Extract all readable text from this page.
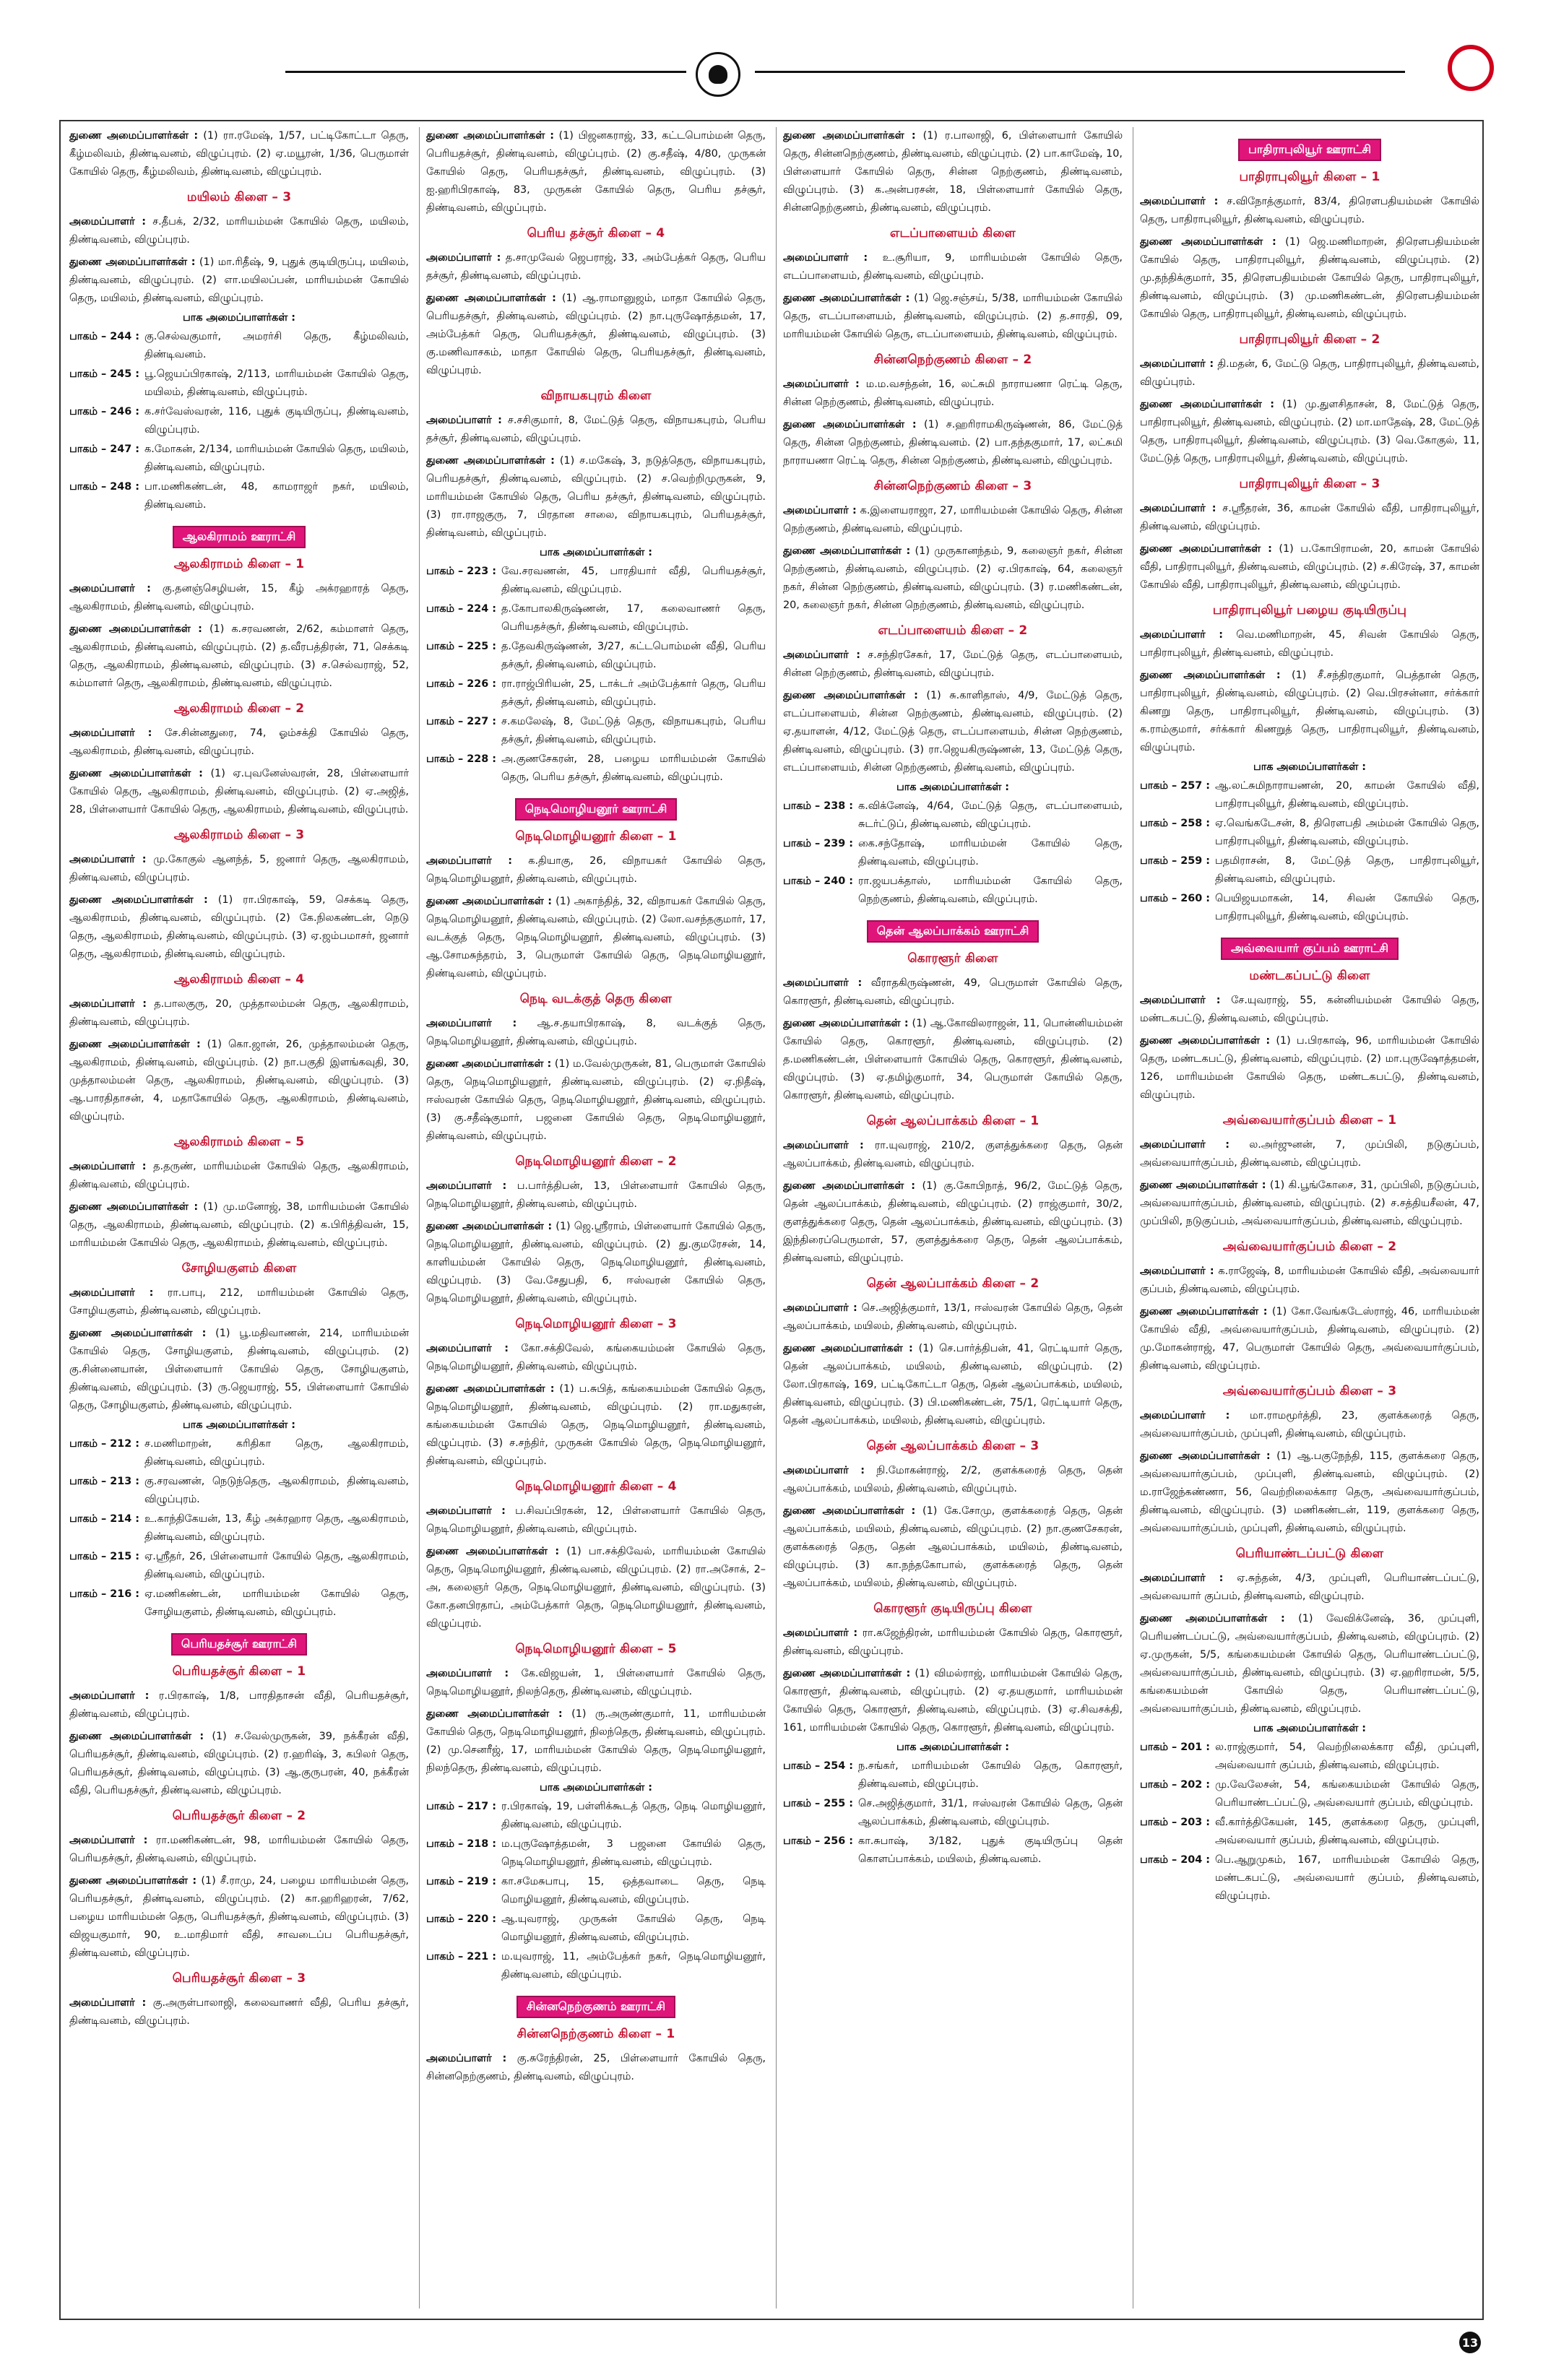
துணை அமைப்பாளர்கள் : (1) ரா.ரமேஷ், 1/57, பட்டிகோட்டா தெரு, கீழ்மலிவம், திண்டிவனம், விழுப்புரம். (2) ஏ.மயூரன், 1/36, பெருமாள் கோயில் தெரு, கீழ்மலிவம், திண்டிவனம், விழுப்புரம்.

மயிலம் கிளை – 3

அமைப்பாளர் : ச.தீபக், 2/32, மாரியம்மன் கோயில் தெரு, மயிலம், திண்டிவனம், விழுப்புரம்.

துணை அமைப்பாளர்கள் : (1) மா.ரிதீஷ், 9, புதுக் குடியிருப்பு, மயிலம், திண்டிவனம், விழுப்புரம். (2) எா.மயிலப்பன், மாரியம்மன் கோயில் தெரு, மயிலம், திண்டிவனம், விழுப்புரம்.

பாக அமைப்பாளர்கள் :
பாகம் – 244 : கு.செல்வகுமார், அமரர்சி தெரு, கீழ்மலிவம், திண்டிவனம்.
பாகம் – 245 : பூ.ஜெயப்பிரகாஷ், 2/113, மாரியம்மன் கோயில் தெரு, மயிலம், திண்டிவனம், விழுப்புரம்.
பாகம் – 246 : க.சர்வேஸ்வரன், 116, புதுக் குடியிருப்பு, திண்டிவனம், விழுப்புரம்.
பாகம் – 247 : க.மோகன், 2/134, மாரியம்மன் கோயில் தெரு, மயிலம், திண்டிவனம், விழுப்புரம்.
பாகம் – 248 : பா.மணிகண்டன், 48, காமராஜர் நகர், மயிலம், திண்டிவனம்.
ஆலகிராமம் ஊராட்சி
ஆலகிராமம் கிளை – 1

அமைப்பாளர் : கு.தனஞ்செழியன், 15, கீழ் அக்ரஹாரத் தெரு, ஆலகிராமம், திண்டிவனம், விழுப்புரம்.

துணை அமைப்பாளர்கள் : (1) க.சரவணன், 2/62, கம்மாளர் தெரு, ஆலகிராமம், திண்டிவனம், விழுப்புரம். (2) த.வீரபத்திரன், 71, செக்கடி தெரு, ஆலகிராமம், திண்டிவனம், விழுப்புரம். (3) ச.செல்வராஜ், 52, கம்மாளர் தெரு, ஆலகிராமம், திண்டிவனம், விழுப்புரம்.

ஆலகிராமம் கிளை – 2

அமைப்பாளர் : சே.சின்னதுரை, 74, ஓம்சக்தி கோயில் தெரு, ஆலகிராமம், திண்டிவனம், விழுப்புரம்.

துணை அமைப்பாளர்கள் : (1) ஏ.புவனேஸ்வரன், 28, பிள்ளையார் கோயில் தெரு, ஆலகிராமம், திண்டிவனம், விழுப்புரம். (2) ஏ.அஜித், 28, பிள்ளையார் கோயில் தெரு, ஆலகிராமம், திண்டிவனம், விழுப்புரம்.

ஆலகிராமம் கிளை – 3

அமைப்பாளர் : மு.கோகுல் ஆனந்த், 5, ஜனார் தெரு, ஆலகிராமம், திண்டிவனம், விழுப்புரம்.

துணை அமைப்பாளர்கள் : (1) ரா.பிரகாஷ், 59, செக்கடி தெரு, ஆலகிராமம், திண்டிவனம், விழுப்புரம். (2) கே.நிலகண்டன், நெடு தெரு, ஆலகிராமம், திண்டிவனம், விழுப்புரம். (3) ஏ.ஜம்பமாசர், ஜனார் தெரு, ஆலகிராமம், திண்டிவனம், விழுப்புரம்.

ஆலகிராமம் கிளை – 4

அமைப்பாளர் : த.பாலகுரு, 20, முத்தாலம்மன் தெரு, ஆலகிராமம், திண்டிவனம், விழுப்புரம்.

துணை அமைப்பாளர்கள் : (1) கொ.ஜான், 26, முத்தாலம்மன் தெரு, ஆலகிராமம், திண்டிவனம், விழுப்புரம். (2) நா.பகுதி இளங்கவுதி, 30, முத்தாலம்மன் தெரு, ஆலகிராமம், திண்டிவனம், விழுப்புரம். (3) ஆ.பாரதிதாசன், 4, மதாகோயில் தெரு, ஆலகிராமம், திண்டிவனம், விழுப்புரம்.

ஆலகிராமம் கிளை – 5

அமைப்பாளர் : த.தருண், மாரியம்மன் கோயில் தெரு, ஆலகிராமம், திண்டிவனம், விழுப்புரம்.

துணை அமைப்பாளர்கள் : (1) மு.மனோஜ், 38, மாரியம்மன் கோயில் தெரு, ஆலகிராமம், திண்டிவனம், விழுப்புரம். (2) க.பிரித்திவன், 15, மாரியம்மன் கோயில் தெரு, ஆலகிராமம், திண்டிவனம், விழுப்புரம்.

சோழியகுளம் கிளை

அமைப்பாளர் : ரா.பாபு, 212, மாரியம்மன் கோயில் தெரு, சோழியகுளம், திண்டிவனம், விழுப்புரம்.

துணை அமைப்பாளர்கள் : (1) பூ.மதிவாணன், 214, மாரியம்மன் கோயில் தெரு, சோழியகுளம், திண்டிவனம், விழுப்புரம். (2) கு.சின்னையான், பிள்ளையார் கோயில் தெரு, சோழியகுளம், திண்டிவனம், விழுப்புரம். (3) ரு.ஜெயராஜ், 55, பிள்ளையார் கோயில் தெரு, சோழியகுளம், திண்டிவனம், விழுப்புரம்.

பாக அமைப்பாளர்கள் :
பாகம் – 212 : ச.மணிமாறன், கரிதிகா தெரு, ஆலகிராமம், திண்டிவனம், விழுப்புரம்.
பாகம் – 213 : கு.சரவணன், நெடுந்தெரு, ஆலகிராமம், திண்டிவனம், விழுப்புரம்.
பாகம் – 214 : உ.காந்திகேயன், 13, கீழ் அக்ரஹார தெரு, ஆலகிராமம், திண்டிவனம், விழுப்புரம்.
பாகம் – 215 : ஏ.ஸ்ரீதர், 26, பிள்ளையார் கோயில் தெரு, ஆலகிராமம், திண்டிவனம், விழுப்புரம்.
பாகம் – 216 : ஏ.மணிகண்டன், மாரியம்மன் கோயில் தெரு, சோழியகுளம், திண்டிவனம், விழுப்புரம்.
பெரியதச்சூர் ஊராட்சி
பெரியதச்சூர் கிளை – 1

அமைப்பாளர் : ர.பிரகாஷ், 1/8, பாரதிதாசன் வீதி, பெரியதச்சூர், திண்டிவனம், விழுப்புரம்.

துணை அமைப்பாளர்கள் : (1) ச.வேல்முருகன், 39, நக்கீரன் வீதி, பெரியதச்சூர், திண்டிவனம், விழுப்புரம். (2) ர.ஹரிஷ், 3, கபிலர் தெரு, பெரியதச்சூர், திண்டிவனம், விழுப்புரம். (3) ஆ.குருபரன், 40, நக்கீரன் வீதி, பெரியதச்சூர், திண்டிவனம், விழுப்புரம்.

பெரியதச்சூர் கிளை – 2

அமைப்பாளர் : ரா.மணிகண்டன், 98, மாரியம்மன் கோயில் தெரு, பெரியதச்சூர், திண்டிவனம், விழுப்புரம்.

துணை அமைப்பாளர்கள் : (1) சீ.ராமு, 24, பழைய மாரியம்மன் தெரு, பெரியதச்சூர், திண்டிவனம், விழுப்புரம். (2) கா.ஹரிஹரன், 7/62, பழைய மாரியம்மன் தெரு, பெரியதச்சூர், திண்டிவனம், விழுப்புரம். (3) விஜயகுமார், 90, உ.மாதிமார் வீதி, சாவடைப்ப பெரியதச்சூர், திண்டிவனம், விழுப்புரம்.

பெரியதச்சூர் கிளை – 3

அமைப்பாளர் : கு.அருள்பாலாஜி, கலைவாணர் வீதி, பெரிய தச்சூர், திண்டிவனம், விழுப்புரம்.

துணை அமைப்பாளர்கள் : (1) பிஜனகராஜ், 33, கட்டபொம்மன் தெரு, பெரியதச்சூர், திண்டிவனம், விழுப்புரம். (2) கு.சதீஷ், 4/80, முருகன் கோயில் தெரு, பெரியதச்சூர், திண்டிவனம், விழுப்புரம். (3) ஐ.ஹரிபிரகாஷ், 83, முருகன் கோயில் தெரு, பெரிய தச்சூர், திண்டிவனம், விழுப்புரம்.

பெரிய தச்சூர் கிளை – 4

அமைப்பாளர் : த.சாமுவேல் ஜெபராஜ், 33, அம்பேத்கர் தெரு, பெரிய தச்சூர், திண்டிவனம், விழுப்புரம்.

துணை அமைப்பாளர்கள் : (1) ஆ.ராமானுஜம், மாதா கோயில் தெரு, பெரியதச்சூர், திண்டிவனம், விழுப்புரம். (2) நா.புருஷோத்தமன், 17, அம்பேத்கர் தெரு, பெரியதச்சூர், திண்டிவனம், விழுப்புரம். (3) கு.மணிவாசகம், மாதா கோயில் தெரு, பெரியதச்சூர், திண்டிவனம், விழுப்புரம்.

விநாயகபுரம் கிளை

அமைப்பாளர் : ச.சசிகுமார், 8, மேட்டுத் தெரு, விநாயகபுரம், பெரிய தச்சூர், திண்டிவனம், விழுப்புரம்.

துணை அமைப்பாளர்கள் : (1) ச.மகேஷ், 3, நடுத்தெரு, விநாயகபுரம், பெரியதச்சூர், திண்டிவனம், விழுப்புரம். (2) ச.வெற்றிமுருகன், 9, மாரியம்மன் கோயில் தெரு, பெரிய தச்சூர், திண்டிவனம், விழுப்புரம். (3) ரா.ராஜகுரு, 7, பிரதான சாலை, விநாயகபுரம், பெரியதச்சூர், திண்டிவனம், விழுப்புரம்.

பாக அமைப்பாளர்கள் :
பாகம் – 223 : வே.சரவணன், 45, பாரதியார் வீதி, பெரியதச்சூர், திண்டிவனம், விழுப்புரம்.
பாகம் – 224 : த.கோபாலகிருஷ்ணன், 17, கலைவாணர் தெரு, பெரியதச்சூர், திண்டிவனம், விழுப்புரம்.
பாகம் – 225 : த.தேவகிருஷ்ணன், 3/27, கட்டபொம்மன் வீதி, பெரிய தச்சூர், திண்டிவனம், விழுப்புரம்.
பாகம் – 226 : ரா.ராஜ்பிரியன், 25, டாக்டர் அம்பேத்கார் தெரு, பெரிய தச்சூர், திண்டிவனம், விழுப்புரம்.
பாகம் – 227 : ச.கமலேஷ், 8, மேட்டுத் தெரு, விநாயகபுரம், பெரிய தச்சூர், திண்டிவனம், விழுப்புரம்.
பாகம் – 228 : அ.குணசேகரன், 28, பழைய மாரியம்மன் கோயில் தெரு, பெரிய தச்சூர், திண்டிவனம், விழுப்புரம்.
நெடிமொழியனூர் ஊராட்சி
நெடிமொழியனூர் கிளை – 1

அமைப்பாளர் : க.தியாகு, 26, விநாயகர் கோயில் தெரு, நெடிமொழியனூர், திண்டிவனம், விழுப்புரம்.

துணை அமைப்பாளர்கள் : (1) அகாந்தித், 32, விநாயகர் கோயில் தெரு, நெடிமொழியனூர், திண்டிவனம், விழுப்புரம். (2) லோ.வசந்தகுமார், 17, வடக்குத் தெரு, நெடிமொழியனூர், திண்டிவனம், விழுப்புரம். (3) ஆ.சோமசுந்தரம், 3, பெருமாள் கோயில் தெரு, நெடிமொழியனூர், திண்டிவனம், விழுப்புரம்.

நெடி வடக்குத் தெரு கிளை

அமைப்பாளர் : ஆ.ச.தயாபிரகாஷ், 8, வடக்குத் தெரு, நெடிமொழியனூர், திண்டிவனம், விழுப்புரம்.

துணை அமைப்பாளர்கள் : (1) ம.வேல்முருகன், 81, பெருமாள் கோயில் தெரு, நெடிமொழியனூர், திண்டிவனம், விழுப்புரம். (2) ஏ.நிதீஷ், ஈஸ்வரன் கோயில் தெரு, நெடிமொழியனூர், திண்டிவனம், விழுப்புரம். (3) கு.சதீஷ்குமார், பஜனை கோயில் தெரு, நெடிமொழியனூர், திண்டிவனம், விழுப்புரம்.

நெடிமொழியனூர் கிளை – 2

அமைப்பாளர் : ப.பார்த்திபன், 13, பிள்ளையார் கோயில் தெரு, நெடிமொழியனூர், திண்டிவனம், விழுப்புரம்.

துணை அமைப்பாளர்கள் : (1) ஜெ.ஸ்ரீராம், பிள்ளையார் கோயில் தெரு, நெடிமொழியனூர், திண்டிவனம், விழுப்புரம். (2) து.குமரேசன், 14, காளியம்மன் கோயில் தெரு, நெடிமொழியனூர், திண்டிவனம், விழுப்புரம். (3) வே.சேதுபதி, 6, ஈஸ்வரன் கோயில் தெரு, நெடிமொழியனூர், திண்டிவனம், விழுப்புரம்.

நெடிமொழியனூர் கிளை – 3

அமைப்பாளர் : கோ.சக்திவேல், கங்கையம்மன் கோயில் தெரு, நெடிமொழியனூர், திண்டிவனம், விழுப்புரம்.

துணை அமைப்பாளர்கள் : (1) ப.சுபித், கங்கையம்மன் கோயில் தெரு, நெடிமொழியனூர், திண்டிவனம், விழுப்புரம். (2) ரா.மதுகரன், கங்கையம்மன் கோயில் தெரு, நெடிமொழியனூர், திண்டிவனம், விழுப்புரம். (3) ச.சந்திர், முருகன் கோயில் தெரு, நெடிமொழியனூர், திண்டிவனம், விழுப்புரம்.

நெடிமொழியனூர் கிளை – 4

அமைப்பாளர் : ப.சிவப்பிரகன், 12, பிள்ளையார் கோயில் தெரு, நெடிமொழியனூர், திண்டிவனம், விழுப்புரம்.

துணை அமைப்பாளர்கள் : (1) பா.சக்திவேல், மாரியம்மன் கோயில் தெரு, நெடிமொழியனூர், திண்டிவனம், விழுப்புரம். (2) ரா.அசோக், 2–அ, கலைஞர் தெரு, நெடிமொழியனூர், திண்டிவனம், விழுப்புரம். (3) கோ.தனபிரதாப், அம்பேத்கார் தெரு, நெடிமொழியனூர், திண்டிவனம், விழுப்புரம்.

நெடிமொழியனூர் கிளை – 5

அமைப்பாளர் : கே.விஜயன், 1, பிள்ளையார் கோயில் தெரு, நெடிமொழியனூர், நிலந்தெரு, திண்டிவனம், விழுப்புரம்.

துணை அமைப்பாளர்கள் : (1) ரு.அருண்குமார், 11, மாரியம்மன் கோயில் தெரு, நெடிமொழியனூர், நிலந்தெரு, திண்டிவனம், விழுப்புரம். (2) மு.செனரீஜ், 17, மாரியம்மன் கோயில் தெரு, நெடிமொழியனூர், நிலந்தெரு, திண்டிவனம், விழுப்புரம்.

பாக அமைப்பாளர்கள் :
பாகம் – 217 : ர.பிரகாஷ், 19, பள்ளிக்கூடத் தெரு, நெடி மொழியனூர், திண்டிவனம், விழுப்புரம்.
பாகம் – 218 : ம.புருஷோத்தமன், 3 பஜனை கோயில் தெரு, நெடிமொழியனூர், திண்டிவனம், விழுப்புரம்.
பாகம் – 219 : கா.சமேசுபாபு, 15, ஒத்தவாடை தெரு, நெடி மொழியனூர், திண்டிவனம், விழுப்புரம்.
பாகம் – 220 : ஆ.யுவராஜ், முருகன் கோயில் தெரு, நெடி மொழியனூர், திண்டிவனம், விழுப்புரம்.
பாகம் – 221 : ம.யுவராஜ், 11, அம்பேத்கர் நகர், நெடிமொழியனூர், திண்டிவனம், விழுப்புரம்.
சின்னநெற்குணம் ஊராட்சி
சின்னநெற்குணம் கிளை – 1

அமைப்பாளர் : கு.சுரேந்திரன், 25, பிள்ளையார் கோயில் தெரு, சின்னநெற்குணம், திண்டிவனம், விழுப்புரம்.

துணை அமைப்பாளர்கள் : (1) ர.பாலாஜி, 6, பிள்ளையார் கோயில் தெரு, சின்னநெற்குணம், திண்டிவனம், விழுப்புரம். (2) பா.காமேஷ், 10, பிள்ளையார் கோயில் தெரு, சின்ன நெற்குணம், திண்டிவனம், விழுப்புரம். (3) க.அன்பரசன், 18, பிள்ளையார் கோயில் தெரு, சின்னநெற்குணம், திண்டிவனம், விழுப்புரம்.

எடப்பாளையம் கிளை

அமைப்பாளர் : உ.சூரியா, 9, மாரியம்மன் கோயில் தெரு, எடப்பாளையம், திண்டிவனம், விழுப்புரம்.

துணை அமைப்பாளர்கள் : (1) ஜெ.சஞ்சய், 5/38, மாரியம்மன் கோயில் தெரு, எடப்பாளையம், திண்டிவனம், விழுப்புரம். (2) த.சாரதி, 09, மாரியம்மன் கோயில் தெரு, எடப்பாளையம், திண்டிவனம், விழுப்புரம்.

சின்னநெற்குணம் கிளை – 2

அமைப்பாளர் : ம.ம.வசந்தன், 16, லட்சுமி நாராயணா ரெட்டி தெரு, சின்ன நெற்குணம், திண்டிவனம், விழுப்புரம்.

துணை அமைப்பாளர்கள் : (1) ச.ஹரிராமகிருஷ்ணன், 86, மேட்டுத் தெரு, சின்ன நெற்குணம், திண்டிவனம். (2) பா.தந்தகுமார், 17, லட்சுமி நாராயணா ரெட்டி தெரு, சின்ன நெற்குணம், திண்டிவனம், விழுப்புரம்.

சின்னநெற்குணம் கிளை – 3

அமைப்பாளர் : க.இளையராஜா, 27, மாரியம்மன் கோயில் தெரு, சின்ன நெற்குணம், திண்டிவனம், விழுப்புரம்.

துணை அமைப்பாளர்கள் : (1) முருகானந்தம், 9, கலைஞர் நகர், சின்ன நெற்குணம், திண்டிவனம், விழுப்புரம். (2) ஏ.பிரகாஷ், 64, கலைஞர் நகர், சின்ன நெற்குணம், திண்டிவனம், விழுப்புரம். (3) ர.மணிகண்டன், 20, கலைஞர் நகர், சின்ன நெற்குணம், திண்டிவனம், விழுப்புரம்.

எடப்பாளையம் கிளை – 2

அமைப்பாளர் : ச.சந்திரசேகர், 17, மேட்டுத் தெரு, எடப்பாளையம், சின்ன நெற்குணம், திண்டிவனம், விழுப்புரம்.

துணை அமைப்பாளர்கள் : (1) சு.காளிதாஸ், 4/9, மேட்டுத் தெரு, எடப்பாளையம், சின்ன நெற்குணம், திண்டிவனம், விழுப்புரம். (2) ஏ.தயாளன், 4/12, மேட்டுத் தெரு, எடப்பாளையம், சின்ன நெற்குணம், திண்டிவனம், விழுப்புரம். (3) ரா.ஜெயகிருஷ்ணன், 13, மேட்டுத் தெரு, எடப்பாளையம், சின்ன நெற்குணம், திண்டிவனம், விழுப்புரம்.

பாக அமைப்பாளர்கள் :
பாகம் – 238 : க.விக்னேஷ், 4/64, மேட்டுத் தெரு, எடப்பாளையம், சுடர்ட்டுப், திண்டிவனம், விழுப்புரம்.
பாகம் – 239 : கை.சந்தோஷ், மாரியம்மன் கோயில் தெரு, திண்டிவனம், விழுப்புரம்.
பாகம் – 240 : ரா.ஜயபக்தாஸ், மாரியம்மன் கோயில் தெரு, நெற்குணம், திண்டிவனம், விழுப்புரம்.
தென் ஆலப்பாக்கம் ஊராட்சி
கொரளூர் கிளை

அமைப்பாளர் : வீராதகிருஷ்ணன், 49, பெருமாள் கோயில் தெரு, கொரளூர், திண்டிவனம், விழுப்புரம்.

துணை அமைப்பாளர்கள் : (1) ஆ.கோவிலராஜன், 11, பொன்னியம்மன் கோயில் தெரு, கொரளூர், திண்டிவனம், விழுப்புரம். (2) த.மணிகண்டன், பிள்ளையார் கோயில் தெரு, கொரளூர், திண்டிவனம், விழுப்புரம். (3) ஏ.தமிழ்குமார், 34, பெருமாள் கோயில் தெரு, கொரளூர், திண்டிவனம், விழுப்புரம்.

தென் ஆலப்பாக்கம் கிளை – 1

அமைப்பாளர் : ரா.யுவராஜ், 210/2, குளத்துக்கரை தெரு, தென் ஆலப்பாக்கம், திண்டிவனம், விழுப்புரம்.

துணை அமைப்பாளர்கள் : (1) கு.கோபிநாத், 96/2, மேட்டுத் தெரு, தென் ஆலப்பாக்கம், திண்டிவனம், விழுப்புரம். (2) ராஜ்குமார், 30/2, குளத்துக்கரை தெரு, தென் ஆலப்பாக்கம், திண்டிவனம், விழுப்புரம். (3) இந்திரைப்பெருமாள், 57, குளத்துக்கரை தெரு, தென் ஆலப்பாக்கம், திண்டிவனம், விழுப்புரம்.

தென் ஆலப்பாக்கம் கிளை – 2

அமைப்பாளர் : செ.அஜித்குமார், 13/1, ஈஸ்வரன் கோயில் தெரு, தென் ஆலப்பாக்கம், மயிலம், திண்டிவனம், விழுப்புரம்.

துணை அமைப்பாளர்கள் : (1) செ.பார்த்திபன், 41, ரெட்டியார் தெரு, தென் ஆலப்பாக்கம், மயிலம், திண்டிவனம், விழுப்புரம். (2) லோ.பிரகாஷ், 169, பட்டிகோட்டா தெரு, தென் ஆலப்பாக்கம், மயிலம், திண்டிவனம், விழுப்புரம். (3) பி.மணிகண்டன், 75/1, ரெட்டியார் தெரு, தென் ஆலப்பாக்கம், மயிலம், திண்டிவனம், விழுப்புரம்.

தென் ஆலப்பாக்கம் கிளை – 3

அமைப்பாளர் : நி.மோகன்ராஜ், 2/2, குளக்கரைத் தெரு, தென் ஆலப்பாக்கம், மயிலம், திண்டிவனம், விழுப்புரம்.

துணை அமைப்பாளர்கள் : (1) கே.சோமு, குளக்கரைத் தெரு, தென் ஆலப்பாக்கம், மயிலம், திண்டிவனம், விழுப்புரம். (2) நா.குணசேகரன், குளக்கரைத் தெரு, தென் ஆலப்பாக்கம், மயிலம், திண்டிவனம், விழுப்புரம். (3) கா.நந்தகோபால், குளக்கரைத் தெரு, தென் ஆலப்பாக்கம், மயிலம், திண்டிவனம், விழுப்புரம்.

கொரளூர் குடியிருப்பு கிளை

அமைப்பாளர் : ரா.கஜேந்திரன், மாரியம்மன் கோயில் தெரு, கொரளூர், திண்டிவனம், விழுப்புரம்.

துணை அமைப்பாளர்கள் : (1) விமல்ராஜ், மாரியம்மன் கோயில் தெரு, கொரளூர், திண்டிவனம், விழுப்புரம். (2) ஏ.தயகுமார், மாரியம்மன் கோயில் தெரு, கொரளூர், திண்டிவனம், விழுப்புரம். (3) ஏ.சிவசக்தி, 161, மாரியம்மன் கோயில் தெரு, கொரளூர், திண்டிவனம், விழுப்புரம்.

பாக அமைப்பாளர்கள் :
பாகம் – 254 : ந.சங்கர், மாரியம்மன் கோயில் தெரு, கொரளூர், திண்டிவனம், விழுப்புரம்.
பாகம் – 255 : செ.அஜித்குமார், 31/1, ஈஸ்வரன் கோயில் தெரு, தென் ஆலப்பாக்கம், திண்டிவனம், விழுப்புரம்.
பாகம் – 256 : கா.சுபாஷ், 3/182, புதுக் குடியிருப்பு தென் கொளப்பாக்கம், மயிலம், திண்டிவனம்.
பாதிராபுலியூர் ஊராட்சி
பாதிராபுலியூர் கிளை – 1

அமைப்பாளர் : ச.விநோத்குமார், 83/4, திரௌபதியம்மன் கோயில் தெரு, பாதிராபுலியூர், திண்டிவனம், விழுப்புரம்.

துணை அமைப்பாளர்கள் : (1) ஜெ.மணிமாறன், திரௌபதியம்மன் கோயில் தெரு, பாதிராபுலியூர், திண்டிவனம், விழுப்புரம். (2) மு.தந்திக்குமார், 35, திரௌபதியம்மன் கோயில் தெரு, பாதிராபுலியூர், திண்டிவனம், விழுப்புரம். (3) மு.மணிகண்டன், திரௌபதியம்மன் கோயில் தெரு, பாதிராபுலியூர், திண்டிவனம், விழுப்புரம்.

பாதிராபுலியூர் கிளை – 2

அமைப்பாளர் : தி.மதன், 6, மேட்டு தெரு, பாதிராபுலியூர், திண்டிவனம், விழுப்புரம்.

துணை அமைப்பாளர்கள் : (1) மு.துளசிதாசன், 8, மேட்டுத் தெரு, பாதிராபுலியூர், திண்டிவனம், விழுப்புரம். (2) மா.மாதேஷ், 28, மேட்டுத் தெரு, பாதிராபுலியூர், திண்டிவனம், விழுப்புரம். (3) வெ.கோகுல், 11, மேட்டுத் தெரு, பாதிராபுலியூர், திண்டிவனம், விழுப்புரம்.

பாதிராபுலியூர் கிளை – 3

அமைப்பாளர் : ச.ஸ்ரீதரன், 36, காமன் கோயில் வீதி, பாதிராபுலியூர், திண்டிவனம், விழுப்புரம்.

துணை அமைப்பாளர்கள் : (1) ப.கோபிராமன், 20, காமன் கோயில் வீதி, பாதிராபுலியூர், திண்டிவனம், விழுப்புரம். (2) ச.கிரேஷ், 37, காமன் கோயில் வீதி, பாதிராபுலியூர், திண்டிவனம், விழுப்புரம்.

பாதிராபுலியூர் பழைய குடியிருப்பு

அமைப்பாளர் : வெ.மணிமாறன், 45, சிவன் கோயில் தெரு, பாதிராபுலியூர், திண்டிவனம், விழுப்புரம்.

துணை அமைப்பாளர்கள் : (1) சீ.சந்திரகுமார், பெத்தான் தெரு, பாதிராபுலியூர், திண்டிவனம், விழுப்புரம். (2) வெ.பிரசன்னா, சர்க்கார் கிணறு தெரு, பாதிராபுலியூர், திண்டிவனம், விழுப்புரம். (3) க.ராம்குமார், சர்க்கார் கிணறுத் தெரு, பாதிராபுலியூர், திண்டிவனம், விழுப்புரம்.

பாக அமைப்பாளர்கள் :
பாகம் – 257 : ஆ.லட்சுமிநாராயணன், 20, காமன் கோயில் வீதி, பாதிராபுலியூர், திண்டிவனம், விழுப்புரம்.
பாகம் – 258 : ஏ.வெங்கடேசன், 8, திரௌபதி அம்மன் கோயில் தெரு, பாதிராபுலியூர், திண்டிவனம், விழுப்புரம்.
பாகம் – 259 : பதமிராசன், 8, மேட்டுத் தெரு, பாதிராபுலியூர், திண்டிவனம், விழுப்புரம்.
பாகம் – 260 : பெயிஜயமாகன், 14, சிவன் கோயில் தெரு, பாதிராபுலியூர், திண்டிவனம், விழுப்புரம்.
அவ்வையார் குப்பம் ஊராட்சி
மண்டகப்பட்டு கிளை

அமைப்பாளர் : சே.யுவராஜ், 55, கன்னியம்மன் கோயில் தெரு, மண்டகபட்டு, திண்டிவனம், விழுப்புரம்.

துணை அமைப்பாளர்கள் : (1) ப.பிரகாஷ், 96, மாரியம்மன் கோயில் தெரு, மண்டகபட்டு, திண்டிவனம், விழுப்புரம். (2) மா.புருஷோத்தமன், 126, மாரியம்மன் கோயில் தெரு, மண்டகபட்டு, திண்டிவனம், விழுப்புரம்.

அவ்வையார்குப்பம் கிளை – 1

அமைப்பாளர் : ல.அர்ஜுனன், 7, முப்பிலி, நடுகுப்பம், அவ்வையார்குப்பம், திண்டிவனம், விழுப்புரம்.

துணை அமைப்பாளர்கள் : (1) கி.பூங்கோசை, 31, முப்பிலி, நடுகுப்பம், அவ்வையார்குப்பம், திண்டிவனம், விழுப்புரம். (2) ச.சத்தியசீலன், 47, முப்பிலி, நடுகுப்பம், அவ்வையார்குப்பம், திண்டிவனம், விழுப்புரம்.

அவ்வையார்குப்பம் கிளை – 2

அமைப்பாளர் : க.ராஜேஷ், 8, மாரியம்மன் கோயில் வீதி, அவ்வையார் குப்பம், திண்டிவனம், விழுப்புரம்.

துணை அமைப்பாளர்கள் : (1) கோ.வேங்கடேஸ்ராஜ், 46, மாரியம்மன் கோயில் வீதி, அவ்வையார்குப்பம், திண்டிவனம், விழுப்புரம். (2) மு.மோகன்ராஜ், 47, பெருமாள் கோயில் தெரு, அவ்வையார்குப்பம், திண்டிவனம், விழுப்புரம்.

அவ்வையார்குப்பம் கிளை – 3

அமைப்பாளர் : மா.ராமமூர்த்தி, 23, குளக்கரைத் தெரு, அவ்வையார்குப்பம், முப்புளி, திண்டிவனம், விழுப்புரம்.

துணை அமைப்பாளர்கள் : (1) ஆ.பகுநேந்தி, 115, குளக்கரை தெரு, அவ்வையார்குப்பம், முப்புளி, திண்டிவனம், விழுப்புரம். (2) ம.ராஜேந்கண்ணா, 56, வெற்றிலைக்கார தெரு, அவ்வையார்குப்பம், திண்டிவனம், விழுப்புரம். (3) மணிகண்டன், 119, குளக்கரை தெரு, அவ்வையார்குப்பம், முப்புளி, திண்டிவனம், விழுப்புரம்.

பெரியாண்டப்பட்டு கிளை

அமைப்பாளர் : ஏ.சுந்தன், 4/3, முப்புளி, பெரியாண்டப்பட்டு, அவ்வையார் குப்பம், திண்டிவனம், விழுப்புரம்.

துணை அமைப்பாளர்கள் : (1) வேவிக்னேஷ், 36, முப்புளி, பெரியண்டப்பட்டு, அவ்வையார்குப்பம், திண்டிவனம், விழுப்புரம். (2) ஏ.முருகன், 5/5, கங்கையம்மன் கோயில் தெரு, பெரியாண்டப்பட்டு, அவ்வையார்குப்பம், திண்டிவனம், விழுப்புரம். (3) ஏ.ஹரிராமன், 5/5, கங்கையம்மன் கோயில் தெரு, பெரியாண்டப்பட்டு, அவ்வையார்குப்பம், திண்டிவனம், விழுப்புரம்.

பாக அமைப்பாளர்கள் :
பாகம் – 201 : ல.ராஜ்குமார், 54, வெற்றிலைக்கார வீதி, முப்புளி, அவ்வையார் குப்பம், திண்டிவனம், விழுப்புரம்.
பாகம் – 202 : மு.வேலேசன், 54, கங்கையம்மன் கோயில் தெரு, பெரியாண்டப்பட்டு, அவ்வையார் குப்பம், விழுப்புரம்.
பாகம் – 203 : வீ.கார்த்திகேயன், 145, குளக்கரை தெரு, முப்புளி, அவ்வையார் குப்பம், திண்டிவனம், விழுப்புரம்.
பாகம் – 204 : பெ.ஆறுமுகம், 167, மாரியம்மன் கோயில் தெரு, மண்டகபட்டு, அவ்வையார் குப்பம், திண்டிவனம், விழுப்புரம்.
13
